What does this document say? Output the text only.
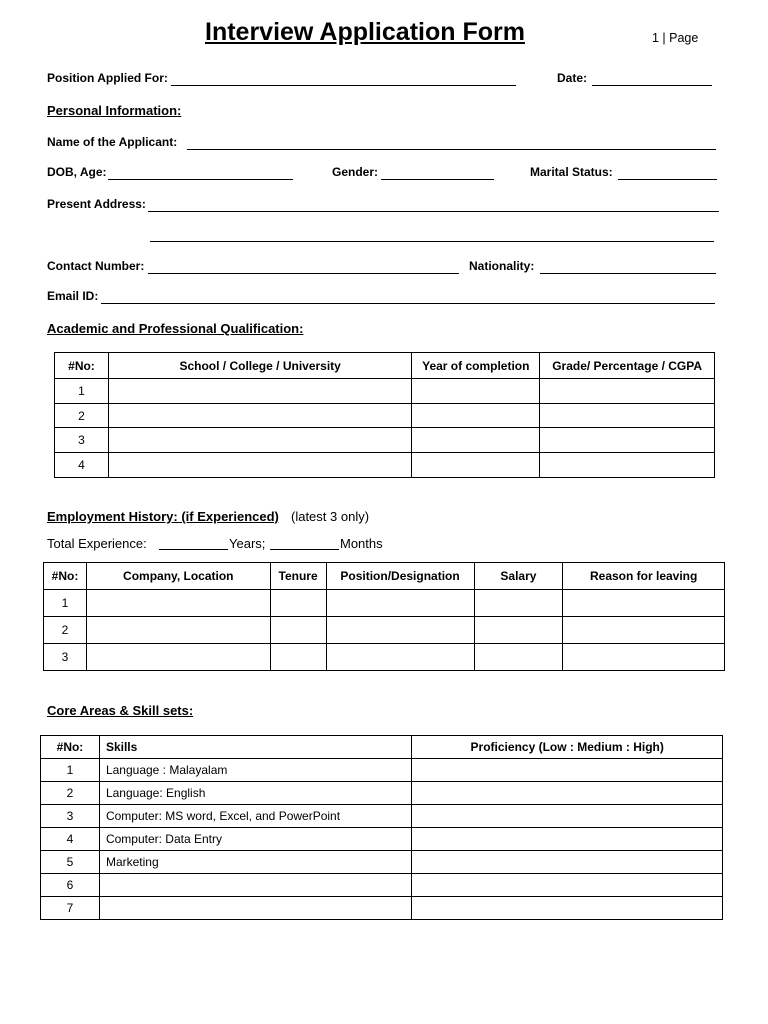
Interview Application Form	1 | Page
Position Applied For:	Date:
Personal Information:
Name of the Applicant:
DOB, Age:	Gender:	Marital Status:
Present Address:
Contact Number:	Nationality:
Email ID:
Academic and Professional Qualification:
#No:	School / College / University	Year of completion	Grade/ Percentage / CGPA
1			
2			
3			
4			
Employment History: (if Experienced) (latest 3 only)
Total Experience:	Years;	Months
#No:	Company, Location	Tenure	Position/Designation	Salary	Reason for leaving
1					
2					
3					
Core Areas & Skill sets:
#No:	Skills	Proficiency (Low : Medium : High)
1	Language : Malayalam	
2	Language: English	
3	Computer: MS word, Excel, and PowerPoint	
4	Computer: Data Entry	
5	Marketing	
6		
7		
